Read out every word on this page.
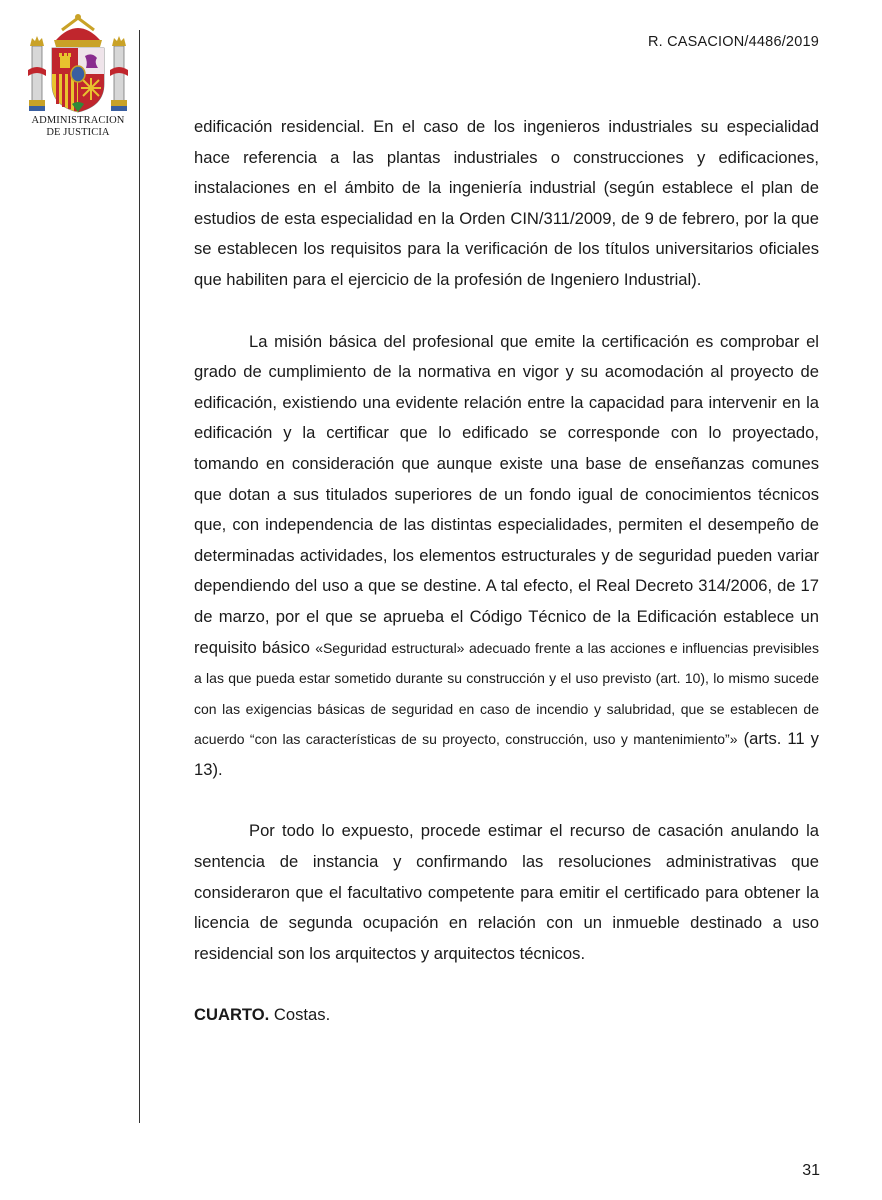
ADMINISTRACION
DE JUSTICIA
R. CASACION/4486/2019

edificación residencial. En el caso de los ingenieros industriales su especialidad hace referencia a las plantas industriales o construcciones y edificaciones, instalaciones en el ámbito de la ingeniería industrial (según establece el plan de estudios de esta especialidad en la Orden CIN/311/2009, de 9 de febrero, por la que se establecen los requisitos para la verificación de los títulos universitarios oficiales que habiliten para el ejercicio de la profesión de Ingeniero Industrial).

La misión básica del profesional que emite la certificación es comprobar el grado de cumplimiento de la normativa en vigor y su acomodación al proyecto de edificación, existiendo una evidente relación entre la capacidad para intervenir en la edificación y la certificar que lo edificado se corresponde con lo proyectado, tomando en consideración que aunque existe una base de enseñanzas comunes que dotan a sus titulados superiores de un fondo igual de conocimientos técnicos que, con independencia de las distintas especialidades, permiten el desempeño de determinadas actividades, los elementos estructurales y de seguridad pueden variar dependiendo del uso a que se destine. A tal efecto, el Real Decreto 314/2006, de 17 de marzo, por el que se aprueba el Código Técnico de la Edificación establece un requisito básico «Seguridad estructural» adecuado frente a las acciones e influencias previsibles a las que pueda estar sometido durante su construcción y el uso previsto (art. 10), lo mismo sucede con las exigencias básicas de seguridad en caso de incendio y salubridad, que se establecen de acuerdo “con las características de su proyecto, construcción, uso y mantenimiento”» (arts. 11 y 13).

Por todo lo expuesto, procede estimar el recurso de casación anulando la sentencia de instancia y confirmando las resoluciones administrativas que consideraron que el facultativo competente para emitir el certificado para obtener la licencia de segunda ocupación en relación con un inmueble destinado a uso residencial son los arquitectos y arquitectos técnicos.

CUARTO. Costas.

31
